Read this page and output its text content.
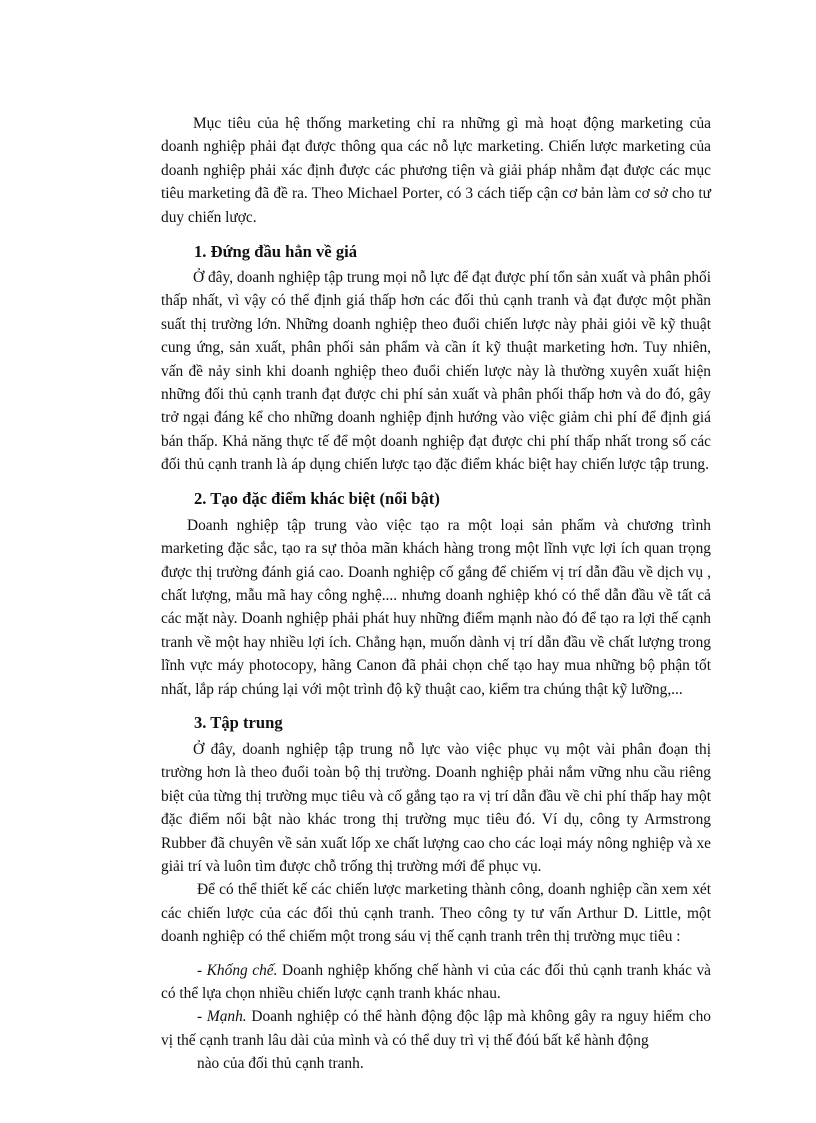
Mục tiêu của hệ thống marketing chỉ ra những gì mà hoạt động marketing của doanh nghiệp phải đạt được thông qua các nỗ lực marketing. Chiến lược marketing của doanh nghiệp phải xác định được các phương tiện và giải pháp nhằm đạt được các mục tiêu marketing đã đề ra. Theo Michael Porter, có 3 cách tiếp cận cơ bản làm cơ sở cho tư duy chiến lược.

1. Đứng đầu hẳn về giá

Ở đây, doanh nghiệp tập trung mọi nỗ lực để đạt được phí tổn sản xuất và phân phối thấp nhất, vì vậy có thể định giá thấp hơn các đối thủ cạnh tranh và đạt được một phần suất thị trường lớn. Những doanh nghiệp theo đuổi chiến lược này phải giỏi về kỹ thuật cung ứng, sản xuất, phân phối sản phẩm và cần ít kỹ thuật marketing hơn. Tuy nhiên, vấn đề nảy sinh khi doanh nghiệp theo đuổi chiến lược này là thường xuyên xuất hiện những đối thủ cạnh tranh đạt được chi phí sản xuất và phân phối thấp hơn và do đó, gây trở ngại đáng kể cho những doanh nghiệp định hướng vào việc giảm chi phí để định giá bán thấp. Khả năng thực tế để một doanh nghiệp đạt được chi phí thấp nhất trong số các đối thủ cạnh tranh là áp dụng chiến lược tạo đặc điểm khác biệt hay chiến lược tập trung.

2. Tạo đặc điểm khác biệt (nổi bật)

Doanh nghiệp tập trung vào việc tạo ra một loại sản phẩm và chương trình marketing đặc sắc, tạo ra sự thỏa mãn khách hàng trong một lĩnh vực lợi ích quan trọng được thị trường đánh giá cao. Doanh nghiệp cố gắng để chiếm vị trí dẫn đầu về dịch vụ , chất lượng, mẫu mã hay công nghệ.... nhưng doanh nghiệp khó có thể dẫn đầu về tất cả các mặt này. Doanh nghiệp phải phát huy những điểm mạnh nào đó để tạo ra lợi thế cạnh tranh về một hay nhiều lợi ích. Chẳng hạn, muốn dành vị trí dẫn đầu về chất lượng trong lĩnh vực máy photocopy, hãng Canon đã phải chọn chế tạo hay mua những bộ phận tốt nhất, lắp ráp chúng lại với một trình độ kỹ thuật cao, kiểm tra chúng thật kỹ lưỡng,...

3. Tập trung

Ở đây, doanh nghiệp tập trung nỗ lực vào việc phục vụ một vài phân đoạn thị trường hơn là theo đuổi toàn bộ thị trường. Doanh nghiệp phải nắm vững nhu cầu riêng biệt của từng thị trường mục tiêu và cố gắng tạo ra vị trí dẫn đầu về chi phí thấp hay một đặc điểm nổi bật nào khác trong thị trường mục tiêu đó. Ví dụ, công ty Armstrong Rubber đã chuyên về sản xuất lốp xe chất lượng cao cho các loại máy nông nghiệp và xe giải trí và luôn tìm được chỗ trống thị trường mới để phục vụ.

Để có thể thiết kế các chiến lược marketing thành công, doanh nghiệp cần xem xét các chiến lược của các đối thủ cạnh tranh. Theo công ty tư vấn Arthur D. Little, một doanh nghiệp có thể chiếm một trong sáu vị thế cạnh tranh trên thị trường mục tiêu :

- Khống chế. Doanh nghiệp khống chế hành vi của các đối thủ cạnh tranh khác và có thể lựa chọn nhiều chiến lược cạnh tranh khác nhau.

- Mạnh. Doanh nghiệp có thể hành động độc lập mà không gây ra nguy hiểm cho vị thế cạnh tranh lâu dài của mình và có thể duy trì vị thế đóú bất kể hành động

nào của đối thủ cạnh tranh.
